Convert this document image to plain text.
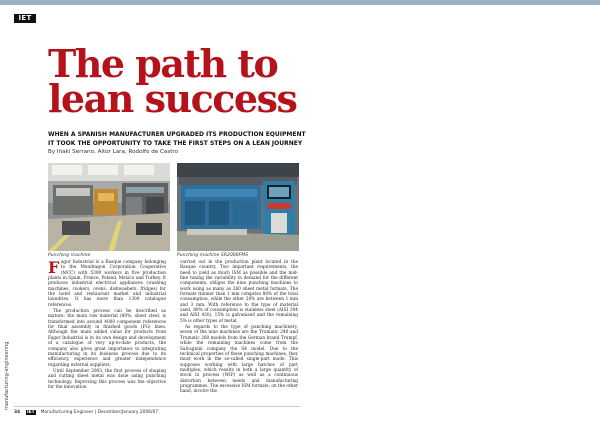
IET
manufacturing-engineering
The path to
lean success

WHEN A SPANISH MANUFACTURER UPGRADED ITS PRODUCTION EQUIPMENT IT TOOK THE OPPORTUNITY TO TAKE THE FIRST STEPS ON A LEAN JOURNEY

By Iñaki Serrano, Aitor Lara, Rodolfo de Castro
Punching machine	Punching machine SR2000FMS

Fagor Industrial is a Basque company belonging to the Mondragon Corporation Cooperative (MCC) with 5300 workers in five production plants in Spain, France, Poland, Mexico and Turkey. It produces industrial electrical appliances (washing machines, cookers, ovens, dishwashers, fridges) for the hotel and restaurant market and industrial laundries. It has more than 1300 catalogue references.

The production process can be described as mature; the main raw material (80%, sheet steel, is transformed into around 4000 component references for final assembly in finished goods (FG) lines. Although the main added value for products from Fagor Industrial is in its own design and development of a catalogue of very up-to-date products, the company also gives great importance to integrating manufacturing in its business process due to its efficiency, experience and greater independence regarding external suppliers.

Until September 2003, the first process of shaping and cutting sheet metal was done using punching technology. Improving this process was the objective for the innovation

carried out in the production plant located in the Basque country. Two important requirements, the need to yield as much ISM as possible and the mid-fine tuning the variability in demand for the different components, obliges the nine punching machines to work using as many as 260 sheet metal formats. The formats thinner than 1 mm comprise 80% of the total consumption, while the other 20% are between 1 mm and 3 mm. With reference to the type of material used, 80% of consumption is stainless steel (AISI 304 and AISI 430), 15% is galvanised and the remaining 5% is other types of metal.

As regards to the type of punching machinery, seven of the nine machines are the Trumatic 240 and Trumatic 260 models from the German brand Trumpf, while the remaining machines come from the Salvagnini company the S4 model. Due to the technical properties of these punching machines, they must work in the so-called single-part mode. This supposes working with large batches of part multiples, which results in both a large quantity of stock in process (WIP) as well as a continuous distortion between needs and manufacturing programmes. The excessive ISM formats, on the other hand, involve the

34 IET Manufacturing Engineer | December/January 2006/07
